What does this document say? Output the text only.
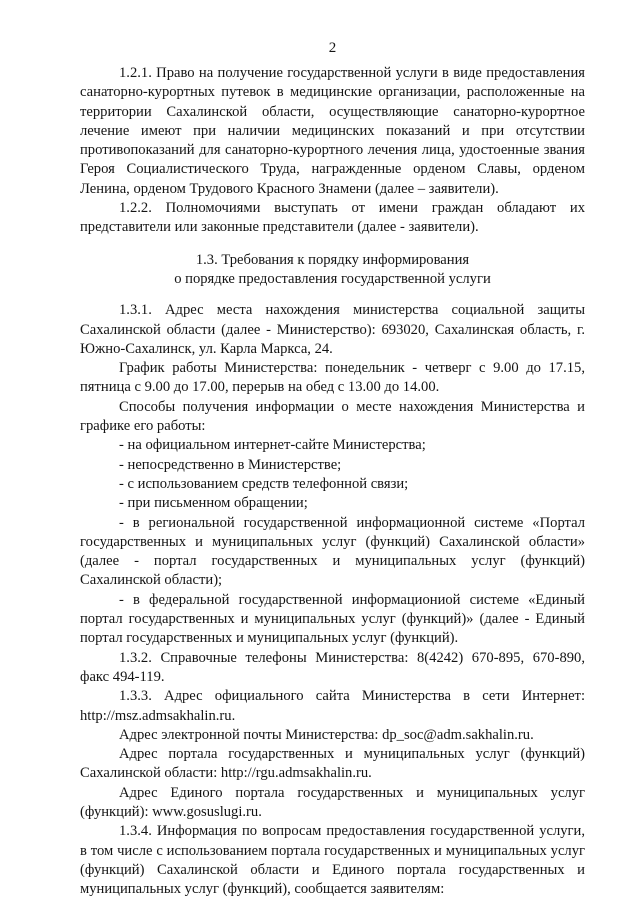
2

1.2.1. Право на получение государственной услуги в виде предоставления санаторно-курортных путевок в медицинские организации, расположенные на территории Сахалинской области, осуществляющие санаторно-курортное лечение имеют при наличии медицинских показаний и при отсутствии противопоказаний для санаторно-курортного лечения лица, удостоенные звания Героя Социалистического Труда, награжденные орденом Славы, орденом Ленина, орденом Трудового Красного Знамени (далее – заявители).

1.2.2. Полномочиями выступать от имени граждан обладают их представители или законные представители (далее - заявители).

1.3. Требования к порядку информирования

о порядке предоставления государственной услуги

1.3.1. Адрес места нахождения министерства социальной защиты Сахалинской области (далее - Министерство): 693020, Сахалинская область, г. Южно-Сахалинск, ул. Карла Маркса, 24.

График работы Министерства: понедельник - четверг с 9.00 до 17.15, пятница с 9.00 до 17.00, перерыв на обед с 13.00 до 14.00.

Способы получения информации о месте нахождения Министерства и графике его работы:

- на официальном интернет-сайте Министерства;

- непосредственно в Министерстве;

- с использованием средств телефонной связи;

- при письменном обращении;

- в региональной государственной информационной системе «Портал государственных и муниципальных услуг (функций) Сахалинской области» (далее - портал государственных и муниципальных услуг (функций) Сахалинской области);

- в федеральной государственной информациониой системе «Единый портал государственных и муниципальных услуг (функций)» (далее - Единый портал государственных и муниципальных услуг (функций).

1.3.2. Справочные телефоны Министерства: 8(4242) 670-895, 670-890, факс 494-119.

1.3.3. Адрес официального сайта Министерства в сети Интернет: http://msz.admsakhalin.ru.

Адрес электронной почты Министерства: dp_soc@adm.sakhalin.ru.

Адрес портала государственных и муниципальных услуг (функций) Сахалинской области: http://rgu.admsakhalin.ru.

Адрес Единого портала государственных и муниципальных услуг (функций): www.gosuslugi.ru.

1.3.4. Информация по вопросам предоставления государственной услуги, в том числе с использованием портала государственных и муниципальных услуг (функций) Сахалинской области и Единого портала государственных и муниципальных услуг (функций), сообщается заявителям:
